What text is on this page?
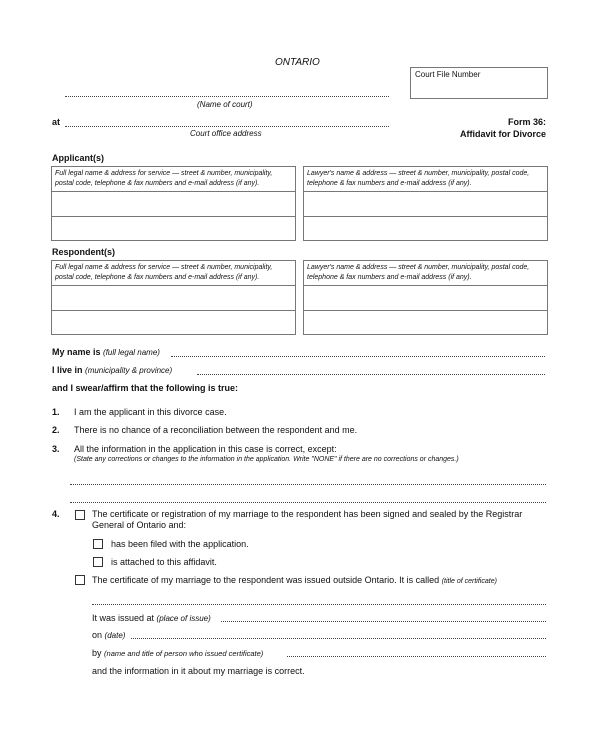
ONTARIO
Court File Number
(Name of court)
at
Court office address
Form 36:
Affidavit for Divorce
Applicant(s)
Full legal name & address for service — street & number, municipality, postal code, telephone & fax numbers and e-mail address (if any).
Lawyer's name & address — street & number, municipality, postal code, telephone & fax numbers and e-mail address (if any).
Respondent(s)
Full legal name & address for service — street & number, municipality, postal code, telephone & fax numbers and e-mail address (if any).
Lawyer's name & address — street & number, municipality, postal code, telephone & fax numbers and e-mail address (if any).
My name is (full legal name)
I live in (municipality & province)
and I swear/affirm that the following is true:
1. I am the applicant in this divorce case.
2. There is no chance of a reconciliation between the respondent and me.
3. All the information in the application in this case is correct, except:
(State any corrections or changes to the information in the application. Write "NONE" if there are no corrections or changes.)
4.	The certificate or registration of my marriage to the respondent has been signed and sealed by the Registrar General of Ontario and:
has been filed with the application.
is attached to this affidavit.
The certificate of my marriage to the respondent was issued outside Ontario. It is called (title of certificate)
It was issued at (place of issue)
on (date)
by (name and title of person who issued certificate)
and the information in it about my marriage is correct.
